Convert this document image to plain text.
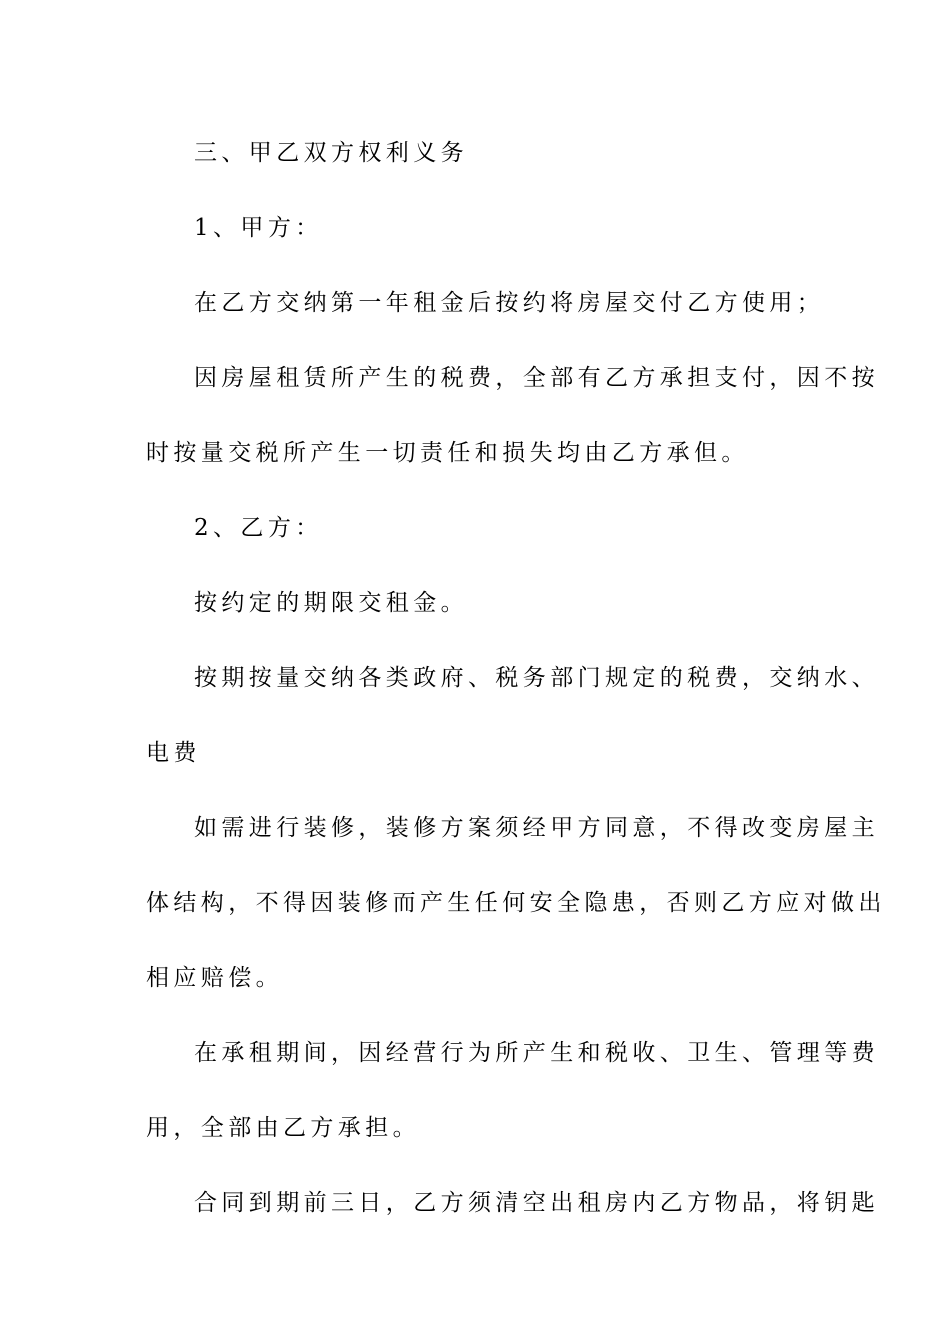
三、甲乙双方权利义务
1、甲方：
在乙方交纳第一年租金后按约将房屋交付乙方使用；
因房屋租赁所产生的税费，全部有乙方承担支付，因不按
时按量交税所产生一切责任和损失均由乙方承但。
2、乙方：
按约定的期限交租金。
按期按量交纳各类政府、税务部门规定的税费，交纳水、
电费
如需进行装修，装修方案须经甲方同意，不得改变房屋主
体结构，不得因装修而产生任何安全隐患，否则乙方应对做出
相应赔偿。
在承租期间，因经营行为所产生和税收、卫生、管理等费
用，全部由乙方承担。
合同到期前三日，乙方须清空出租房内乙方物品，将钥匙
